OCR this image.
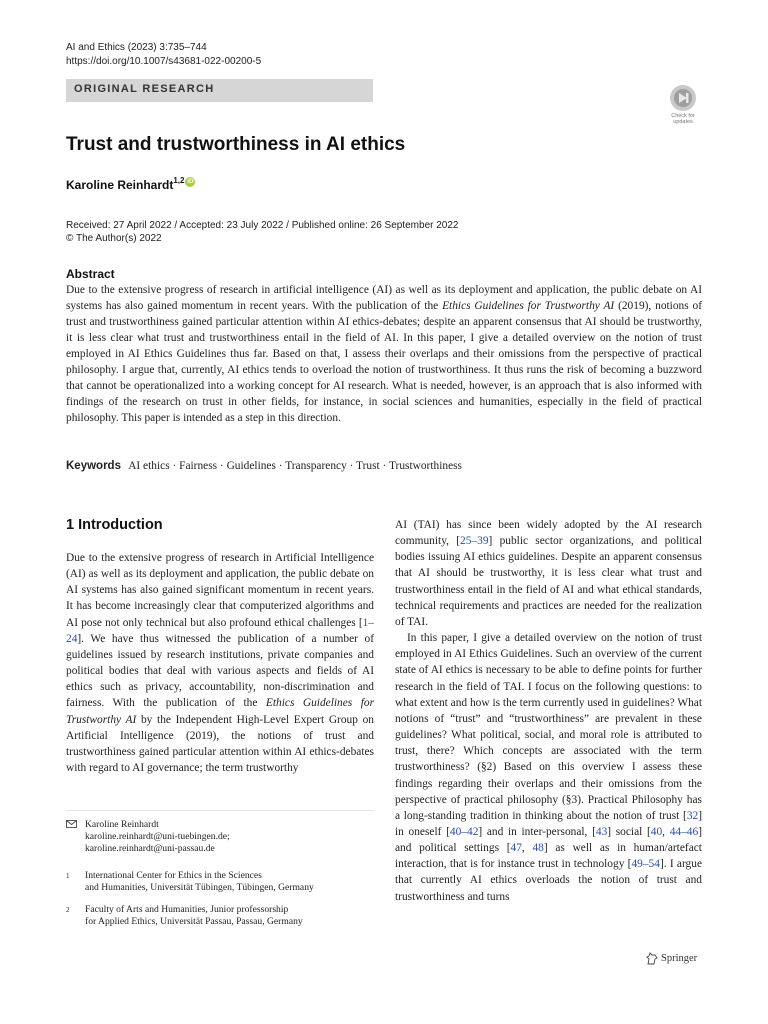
AI and Ethics (2023) 3:735–744
https://doi.org/10.1007/s43681-022-00200-5
ORIGINAL RESEARCH
Check for
updates
Trust and trustworthiness in AI ethics
Karoline Reinhardt 1,2 iD
Received: 27 April 2022 / Accepted: 23 July 2022 / Published online: 26 September 2022
© The Author(s) 2022
Abstract
Due to the extensive progress of research in artificial intelligence (AI) as well as its deployment and application, the public debate on AI systems has also gained momentum in recent years. With the publication of the Ethics Guidelines for Trustworthy AI (2019), notions of trust and trustworthiness gained particular attention within AI ethics-debates; despite an apparent consensus that AI should be trustworthy, it is less clear what trust and trustworthiness entail in the field of AI. In this paper, I give a detailed overview on the notion of trust employed in AI Ethics Guidelines thus far. Based on that, I assess their overlaps and their omissions from the perspective of practical philosophy. I argue that, currently, AI ethics tends to overload the notion of trustworthiness. It thus runs the risk of becoming a buzzword that cannot be operationalized into a working concept for AI research. What is needed, however, is an approach that is also informed with findings of the research on trust in other fields, for instance, in social sciences and humanities, especially in the field of practical philosophy. This paper is intended as a step in this direction.
Keywords AI ethics · Fairness · Guidelines · Transparency · Trust · Trustworthiness
1 Introduction

Due to the extensive progress of research in Artificial Intelligence (AI) as well as its deployment and application, the public debate on AI systems has also gained significant momentum in recent years. It has become increasingly clear that computerized algorithms and AI pose not only technical but also profound ethical challenges [1–24]. We have thus witnessed the publication of a number of guidelines issued by research institutions, private companies and political bodies that deal with various aspects and fields of AI ethics such as privacy, accountability, non-discrimination and fairness. With the publication of the Ethics Guidelines for Trustworthy AI by the Independent High-Level Expert Group on Artificial Intelligence (2019), the notions of trust and trustworthiness gained particular attention within AI ethics-debates with regard to AI governance; the term trustworthy

AI (TAI) has since been widely adopted by the AI research community, [25–39] public sector organizations, and political bodies issuing AI ethics guidelines. Despite an apparent consensus that AI should be trustworthy, it is less clear what trust and trustworthiness entail in the field of AI and what ethical standards, technical requirements and practices are needed for the realization of TAI.

In this paper, I give a detailed overview on the notion of trust employed in AI Ethics Guidelines. Such an overview of the current state of AI ethics is necessary to be able to define points for further research in the field of TAI. I focus on the following questions: to what extent and how is the term currently used in guidelines? What notions of “trust” and “trustworthiness” are prevalent in these guidelines? What political, social, and moral role is attributed to trust, there? Which concepts are associated with the term trustworthiness? (§2) Based on this overview I assess these findings regarding their overlaps and their omissions from the perspective of practical philosophy (§3). Practical Philosophy has a long-standing tradition in thinking about the notion of trust [32] in oneself [40–42] and in inter-personal, [43] social [40, 44–46] and political settings [47, 48] as well as in human/artefact interaction, that is for instance trust in technology [49–54]. I argue that currently AI ethics overloads the notion of trust and trustworthiness and turns

Karoline Reinhardt
karoline.reinhardt@uni-tuebingen.de;
karoline.reinhardt@uni-passau.de
1	International Center for Ethics in the Sciences
and Humanities, Universität Tübingen, Tübingen, Germany
2	Faculty of Arts and Humanities, Junior professorship
for Applied Ethics, Universität Passau, Passau, Germany
Springer
